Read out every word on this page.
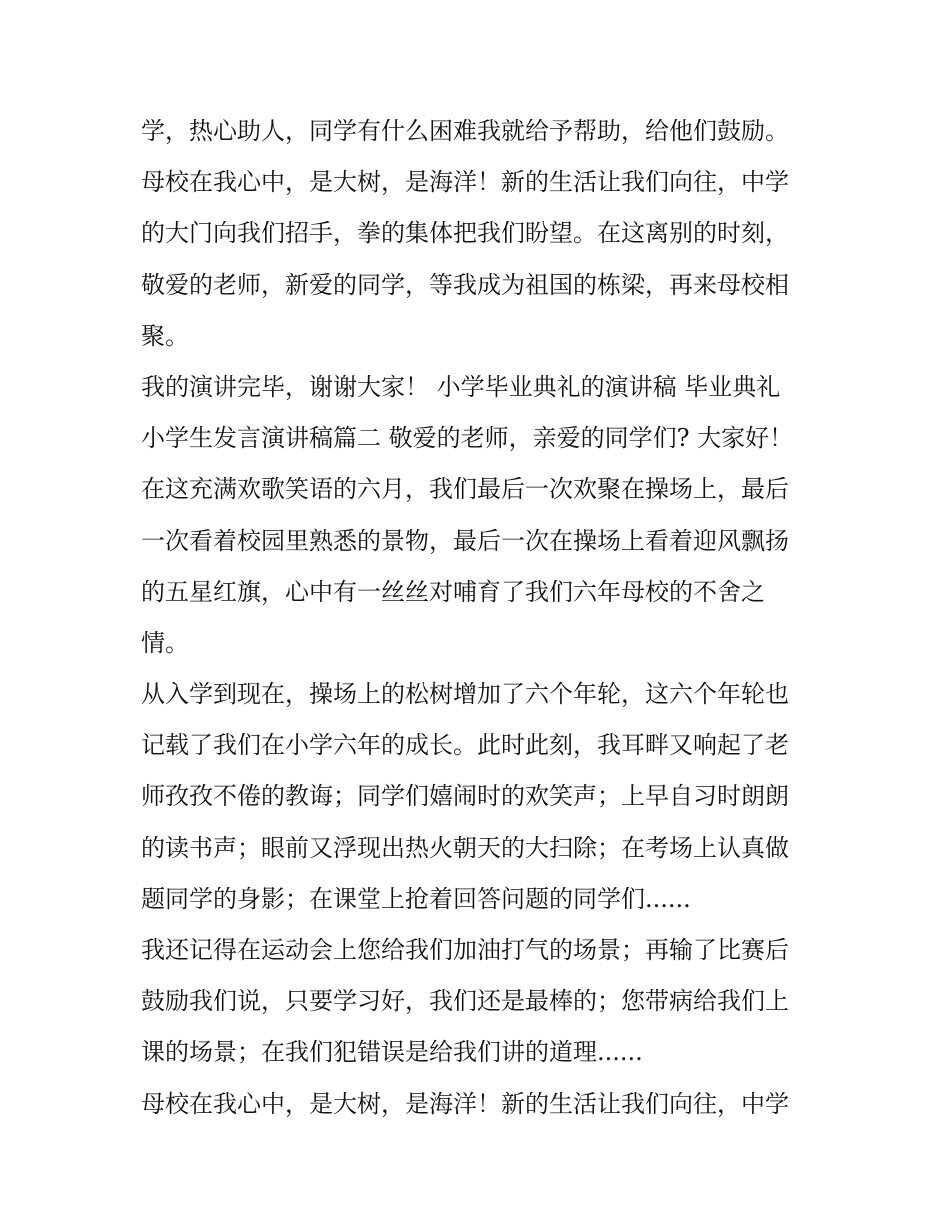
学，热心助人，同学有什么困难我就给予帮助，给他们鼓励。
母校在我心中，是大树，是海洋！新的生活让我们向往，中学
的大门向我们招手，拳的集体把我们盼望。在这离别的时刻，
敬爱的老师，新爱的同学，等我成为祖国的栋梁，再来母校相
聚。
我的演讲完毕，谢谢大家！ 小学毕业典礼的演讲稿 毕业典礼
小学生发言演讲稿篇二 敬爱的老师，亲爱的同学们? 大家好！
在这充满欢歌笑语的六月，我们最后一次欢聚在操场上，最后
一次看着校园里熟悉的景物，最后一次在操场上看着迎风飘扬
的五星红旗，心中有一丝丝对哺育了我们六年母校的不舍之
情。
从入学到现在，操场上的松树增加了六个年轮，这六个年轮也
记载了我们在小学六年的成长。此时此刻，我耳畔又响起了老
师孜孜不倦的教诲；同学们嬉闹时的欢笑声；上早自习时朗朗
的读书声；眼前又浮现出热火朝天的大扫除；在考场上认真做
题同学的身影；在课堂上抢着回答问题的同学们......
我还记得在运动会上您给我们加油打气的场景；再输了比赛后
鼓励我们说，只要学习好，我们还是最棒的；您带病给我们上
课的场景；在我们犯错误是给我们讲的道理......
母校在我心中，是大树，是海洋！新的生活让我们向往，中学
